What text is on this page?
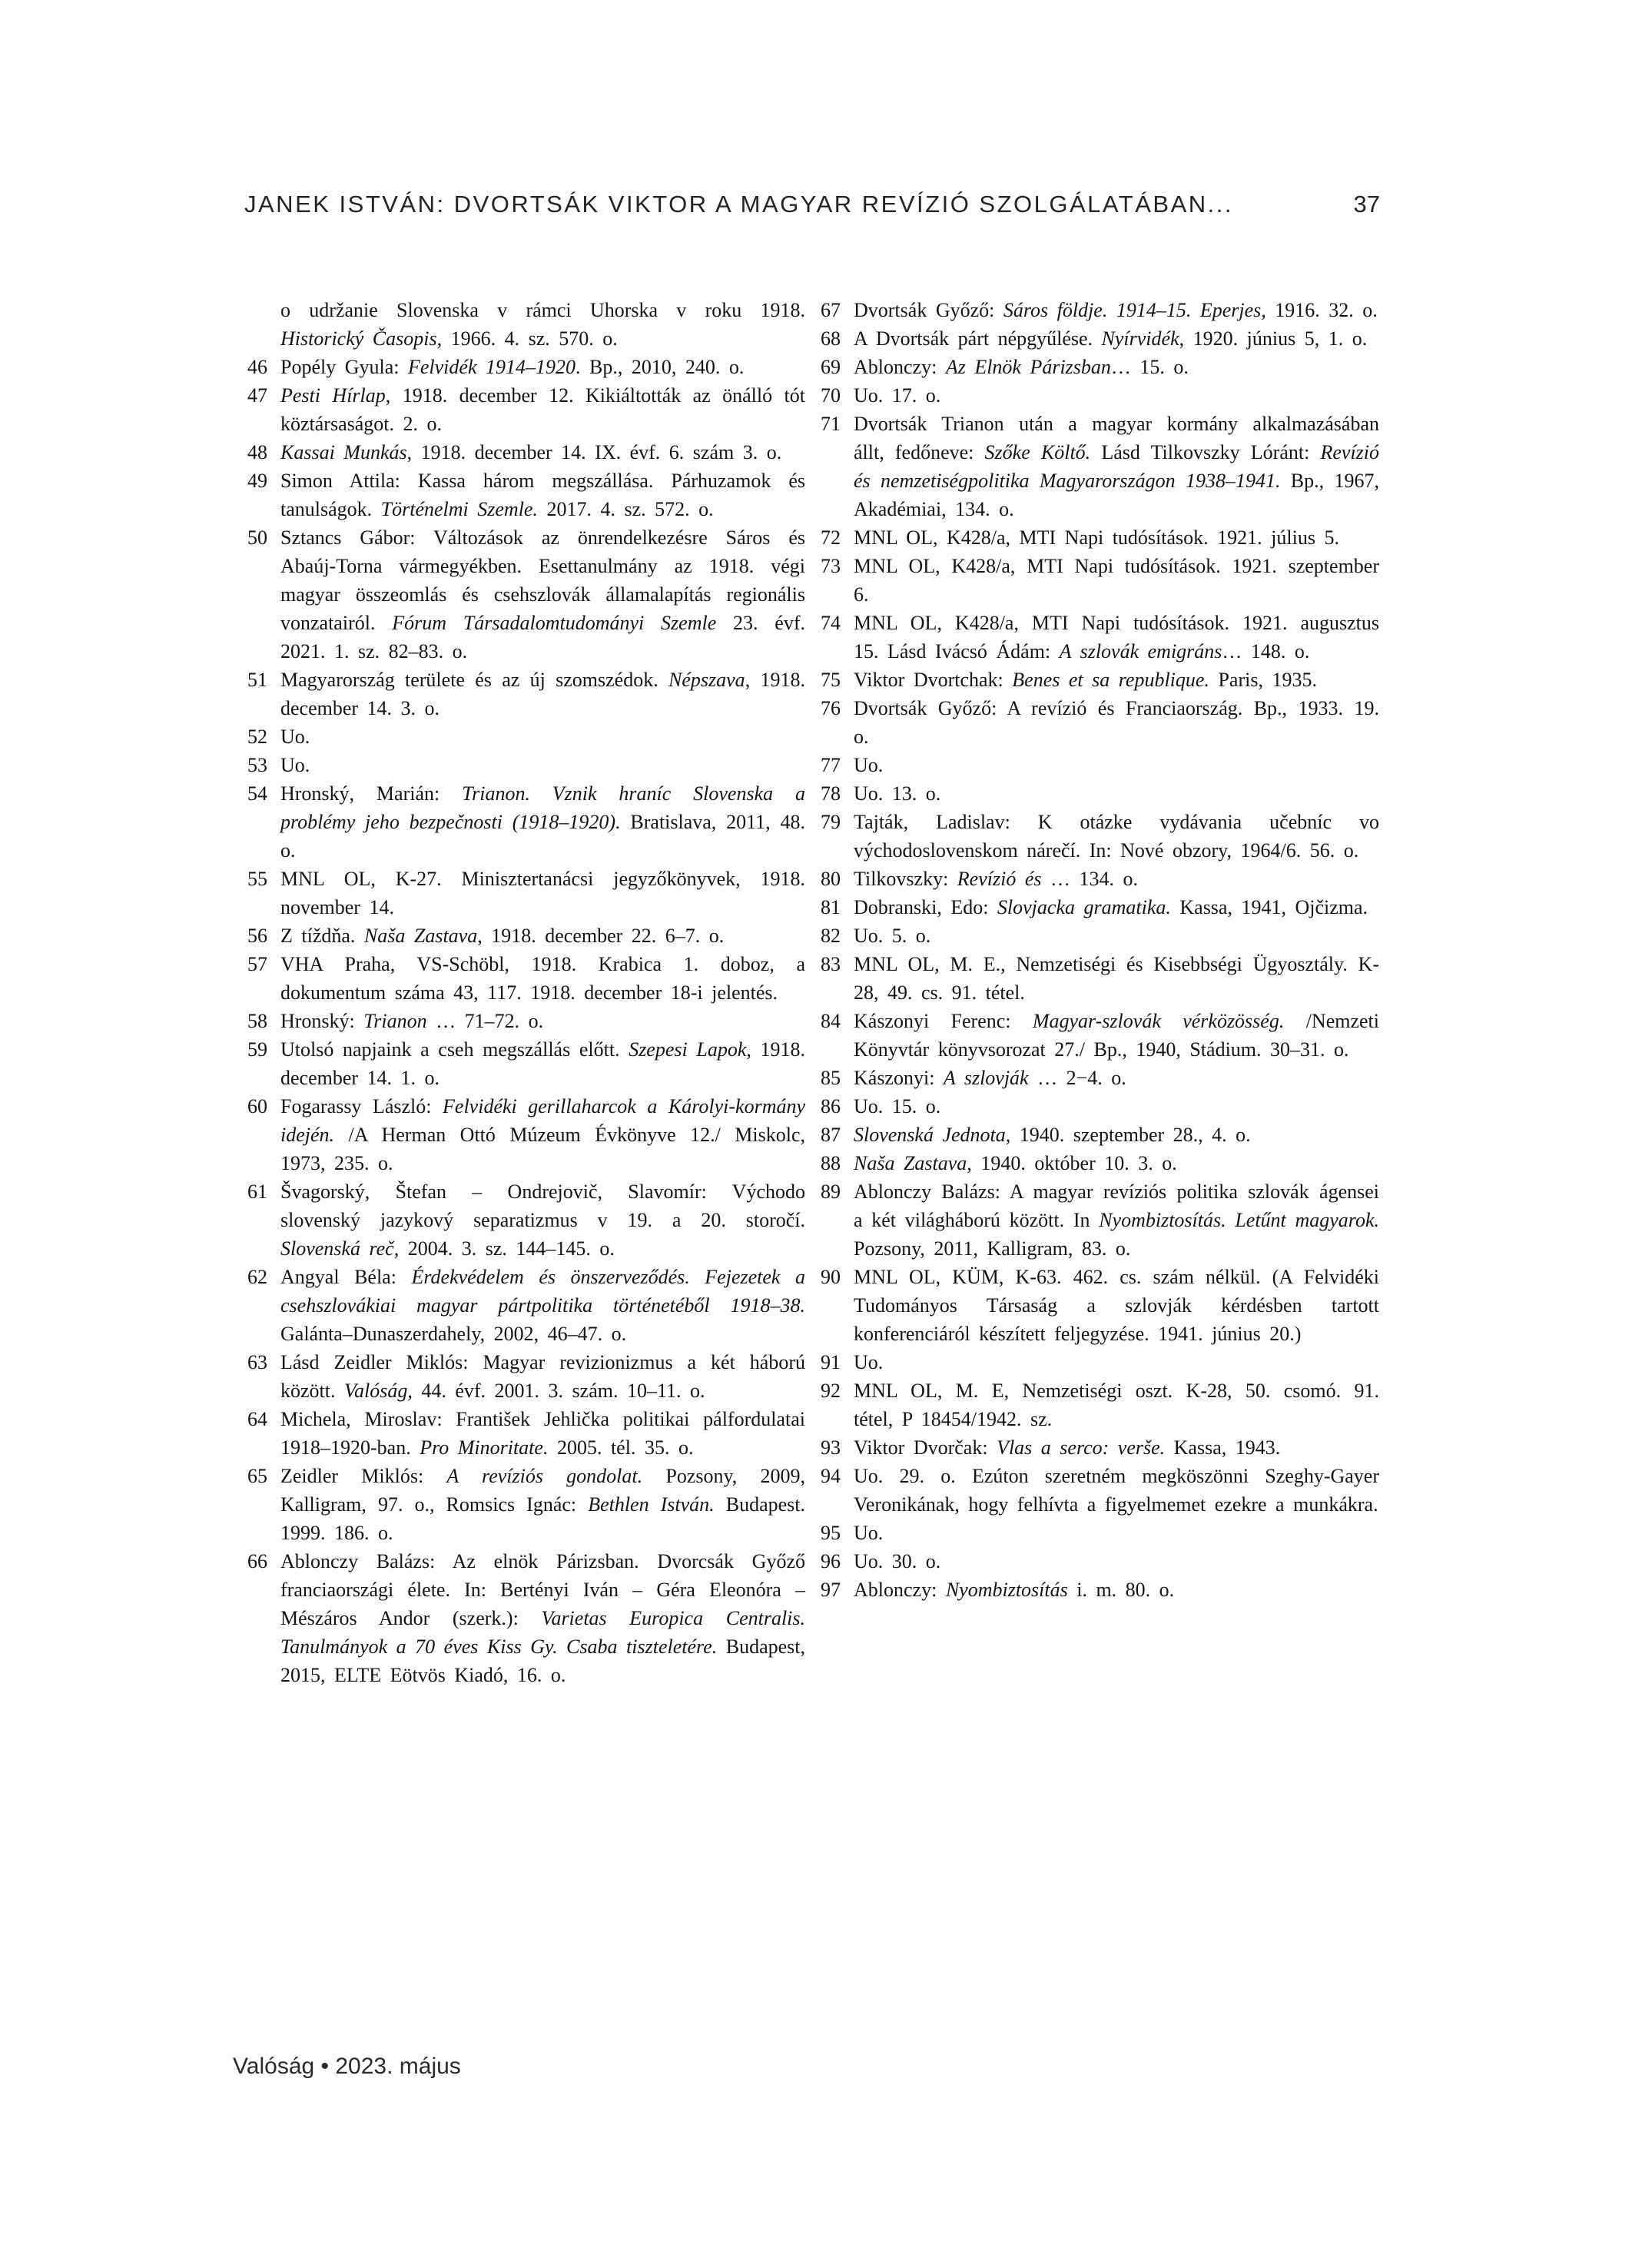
JANEK ISTVÁN: DVORTSÁK VIKTOR A MAGYAR REVÍZIÓ SZOLGÁLATÁBAN...	37
o udržanie Slovenska v rámci Uhorska v roku 1918. Historický Časopis, 1966. 4. sz. 570. o.
46 Popély Gyula: Felvidék 1914–1920. Bp., 2010, 240. o.
47 Pesti Hírlap, 1918. december 12. Kikiáltották az önálló tót köztársaságot. 2. o.
48 Kassai Munkás, 1918. december 14. IX. évf. 6. szám 3. o.
49 Simon Attila: Kassa három megszállása. Párhuzamok és tanulságok. Történelmi Szemle. 2017. 4. sz. 572. o.
50 Sztancs Gábor: Változások az önrendelkezésre Sáros és Abaúj-Torna vármegyékben. Esettanulmány az 1918. végi magyar összeomlás és csehszlovák államalapítás regionális vonzatairól. Fórum Társadalomtudományi Szemle 23. évf. 2021. 1. sz. 82–83. o.
51 Magyarország területe és az új szomszédok. Népszava, 1918. december 14. 3. o.
52 Uo.
53 Uo.
54 Hronský, Marián: Trianon. Vznik hraníc Slovenska a problémy jeho bezpečnosti (1918–1920). Bratislava, 2011, 48. o.
55 MNL OL, K-27. Minisztertanácsi jegyzőkönyvek, 1918. november 14.
56 Z tíždňa. Naša Zastava, 1918. december 22. 6–7. o.
57 VHA Praha, VS-Schöbl, 1918. Krabica 1. doboz, a dokumentum száma 43, 117. 1918. december 18-i jelentés.
58 Hronský: Trianon … 71–72. o.
59 Utolsó napjaink a cseh megszállás előtt. Szepesi Lapok, 1918. december 14. 1. o.
60 Fogarassy László: Felvidéki gerillaharcok a Károlyi-kormány idején. /A Herman Ottó Múzeum Évkönyve 12./ Miskolc, 1973, 235. o.
61 Švagorský, Štefan – Ondrejovič, Slavomír: Východo slovenský jazykový separatizmus v 19. a 20. storočí. Slovenská reč, 2004. 3. sz. 144–145. o.
62 Angyal Béla: Érdekvédelem és önszerveződés. Fejezetek a csehszlovákiai magyar pártpolitika történetéből 1918–38. Galánta–Dunaszerdahely, 2002, 46–47. o.
63 Lásd Zeidler Miklós: Magyar revizionizmus a két háború között. Valóság, 44. évf. 2001. 3. szám. 10–11. o.
64 Michela, Miroslav: František Jehlička politikai pálfordulatai 1918–1920-ban. Pro Minoritate. 2005. tél. 35. o.
65 Zeidler Miklós: A revíziós gondolat. Pozsony, 2009, Kalligram, 97. o., Romsics Ignác: Bethlen István. Budapest. 1999. 186. o.
66 Ablonczy Balázs: Az elnök Párizsban. Dvorcsák Győző franciaországi élete. In: Bertényi Iván – Géra Eleonóra – Mészáros Andor (szerk.): Varietas Europica Centralis. Tanulmányok a 70 éves Kiss Gy. Csaba tiszteletére. Budapest, 2015, ELTE Eötvös Kiadó, 16. o.
67 Dvortsák Győző: Sáros földje. 1914–15. Eperjes, 1916. 32. o.
68 A Dvortsák párt népgyűlése. Nyírvidék, 1920. június 5, 1. o.
69 Ablonczy: Az Elnök Párizsban… 15. o.
70 Uo. 17. o.
71 Dvortsák Trianon után a magyar kormány alkalmazásában állt, fedőneve: Szőke Költő. Lásd Tilkovszky Lóránt: Revízió és nemzetiségpolitika Magyarországon 1938–1941. Bp., 1967, Akadémiai, 134. o.
72 MNL OL, K428/a, MTI Napi tudósítások. 1921. július 5.
73 MNL OL, K428/a, MTI Napi tudósítások. 1921. szeptember 6.
74 MNL OL, K428/a, MTI Napi tudósítások. 1921. augusztus 15. Lásd Ivácsó Ádám: A szlovák emigráns… 148. o.
75 Viktor Dvortchak: Benes et sa republique. Paris, 1935.
76 Dvortsák Győző: A revízió és Franciaország. Bp., 1933. 19. o.
77 Uo.
78 Uo. 13. o.
79 Tajták, Ladislav: K otázke vydávania učebníc vo východoslovenskom nárečí. In: Nové obzory, 1964/6. 56. o.
80 Tilkovszky: Revízió és … 134. o.
81 Dobranski, Edo: Slovjacka gramatika. Kassa, 1941, Ojčizma.
82 Uo. 5. o.
83 MNL OL, M. E., Nemzetiségi és Kisebbségi Ügyosztály. K-28, 49. cs. 91. tétel.
84 Kászonyi Ferenc: Magyar-szlovák vérközösség. /Nemzeti Könyvtár könyvsorozat 27./ Bp., 1940, Stádium. 30–31. o.
85 Kászonyi: A szlovják … 2−4. o.
86 Uo. 15. o.
87 Slovenská Jednota, 1940. szeptember 28., 4. o.
88 Naša Zastava, 1940. október 10. 3. o.
89 Ablonczy Balázs: A magyar revíziós politika szlovák ágensei a két világháború között. In Nyombiztosítás. Letűnt magyarok. Pozsony, 2011, Kalligram, 83. o.
90 MNL OL, KÜM, K-63. 462. cs. szám nélkül. (A Felvidéki Tudományos Társaság a szlovják kérdésben tartott konferenciáról készített feljegyzése. 1941. június 20.)
91 Uo.
92 MNL OL, M. E, Nemzetiségi oszt. K-28, 50. csomó. 91. tétel, P 18454/1942. sz.
93 Viktor Dvorčak: Vlas a serco: verše. Kassa, 1943.
94 Uo. 29. o. Ezúton szeretném megköszönni Szeghy-Gayer Veronikának, hogy felhívta a figyelmemet ezekre a munkákra.
95 Uo.
96 Uo. 30. o.
97 Ablonczy: Nyombiztosítás i. m. 80. o.
Valóság • 2023. május
